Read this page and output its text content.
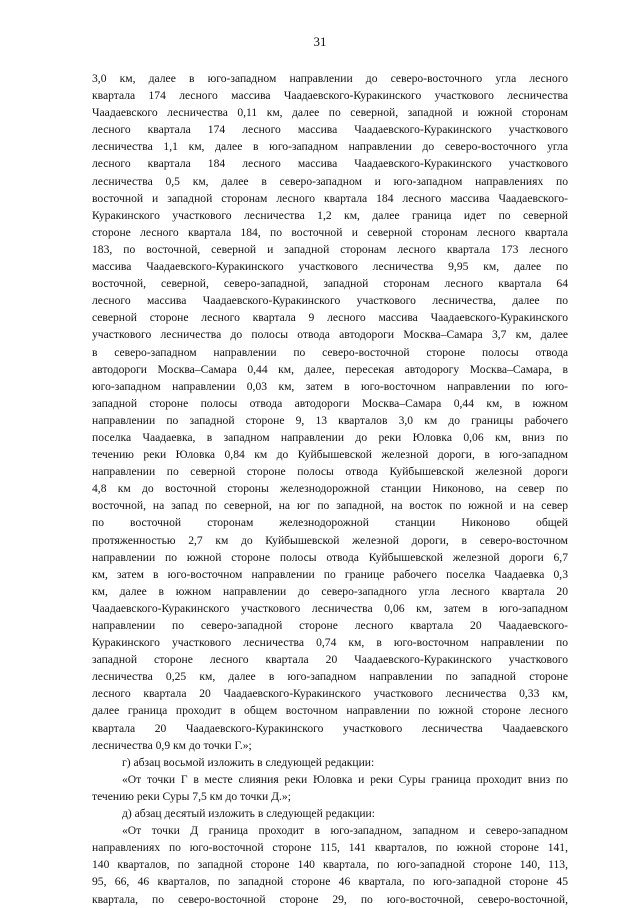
31
3,0 км, далее в юго-западном направлении до северо-восточного угла лесного
квартала 174 лесного массива Чаадаевского-Куракинского участкового лесничества
Чаадаевского лесничества 0,11 км, далее по северной, западной и южной сторонам
лесного квартала 174 лесного массива Чаадаевского-Куракинского участкового
лесничества 1,1 км, далее в юго-западном направлении до северо-восточного угла
лесного квартала 184 лесного массива Чаадаевского-Куракинского участкового
лесничества 0,5 км, далее в северо-западном и юго-западном направлениях по
восточной и западной сторонам лесного квартала 184 лесного массива Чаадаевского-
Куракинского участкового лесничества 1,2 км, далее граница идет по северной
стороне лесного квартала 184, по восточной и северной сторонам лесного квартала
183, по восточной, северной и западной сторонам лесного квартала 173 лесного
массива Чаадаевского-Куракинского участкового лесничества 9,95 км, далее по
восточной, северной, северо-западной, западной сторонам лесного квартала 64
лесного массива Чаадаевского-Куракинского участкового лесничества, далее по
северной стороне лесного квартала 9 лесного массива Чаадаевского-Куракинского
участкового лесничества до полосы отвода автодороги Москва–Самара 3,7 км, далее
в северо-западном направлении по северо-восточной стороне полосы отвода
автодороги Москва–Самара 0,44 км, далее, пересекая автодорогу Москва–Самара, в
юго-западном направлении 0,03 км, затем в юго-восточном направлении по юго-
западной стороне полосы отвода автодороги Москва–Самара 0,44 км, в южном
направлении по западной стороне 9, 13 кварталов 3,0 км до границы рабочего
поселка Чаадаевка, в западном направлении до реки Юловка 0,06 км, вниз по
течению реки Юловка 0,84 км до Куйбышевской железной дороги, в юго-западном
направлении по северной стороне полосы отвода Куйбышевской железной дороги
4,8 км до восточной стороны железнодорожной станции Никоново, на север по
восточной, на запад по северной, на юг по западной, на восток по южной и на север
по восточной сторонам железнодорожной станции Никоново общей
протяженностью 2,7 км до Куйбышевской железной дороги, в северо-восточном
направлении по южной стороне полосы отвода Куйбышевской железной дороги 6,7
км, затем в юго-восточном направлении по границе рабочего поселка Чаадаевка 0,3
км, далее в южном направлении до северо-западного угла лесного квартала 20
Чаадаевского-Куракинского участкового лесничества 0,06 км, затем в юго-западном
направлении по северо-западной стороне лесного квартала 20 Чаадаевского-
Куракинского участкового лесничества 0,74 км, в юго-восточном направлении по
западной стороне лесного квартала 20 Чаадаевского-Куракинского участкового
лесничества 0,25 км, далее в юго-западном направлении по западной стороне
лесного квартала 20 Чаадаевского-Куракинского участкового лесничества 0,33 км,
далее граница проходит в общем восточном направлении по южной стороне лесного
квартала 20 Чаадаевского-Куракинского участкового лесничества Чаадаевского
лесничества 0,9 км до точки Г.»;
г) абзац восьмой изложить в следующей редакции:
«От точки Г в месте слияния реки Юловка и реки Суры граница проходит вниз по
течению реки Суры 7,5 км до точки Д.»;
д) абзац десятый изложить в следующей редакции:
«От точки Д граница проходит в юго-западном, западном и северо-западном
направлениях по юго-восточной стороне 115, 141 кварталов, по южной стороне 141,
140 кварталов, по западной стороне 140 квартала, по юго-западной стороне 140, 113,
95, 66, 46 кварталов, по западной стороне 46 квартала, по юго-западной стороне 45
квартала, по северо-восточной стороне 29, по юго-восточной, северо-восточной,
